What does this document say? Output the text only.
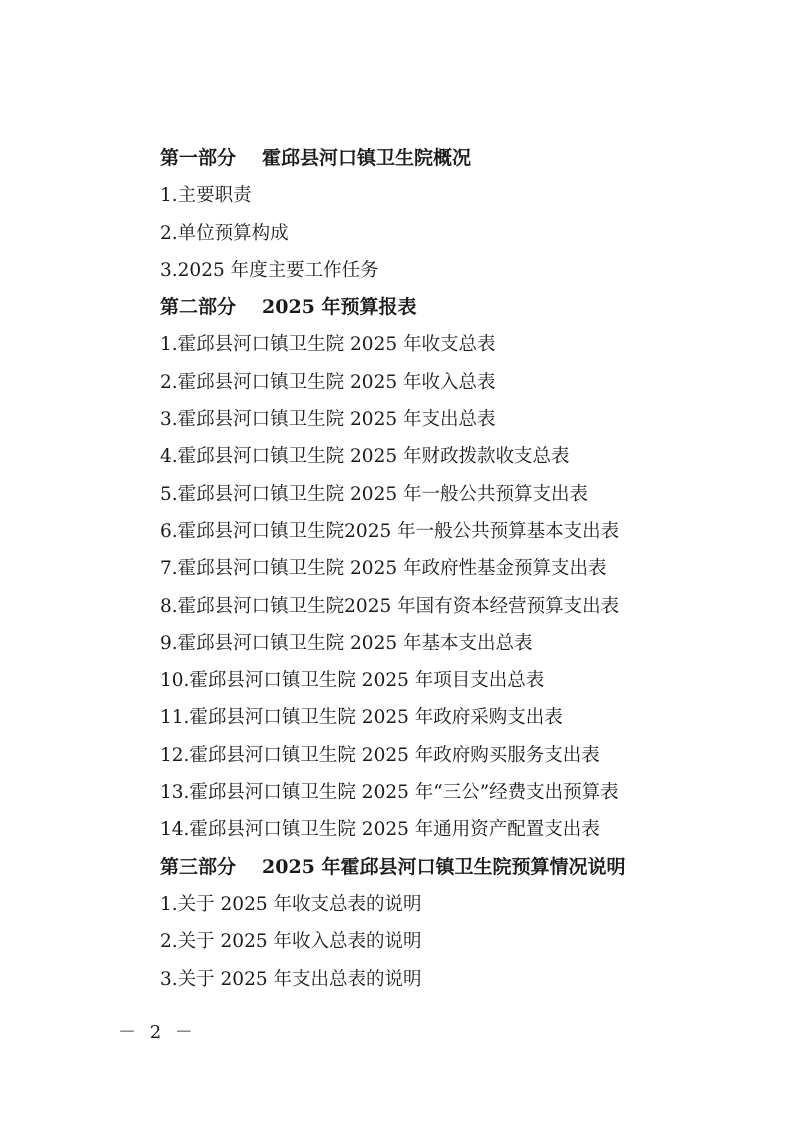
第一部分 霍邱县河口镇卫生院概况
1.主要职责
2.单位预算构成
3.2025 年度主要工作任务
第二部分 2025 年预算报表
1.霍邱县河口镇卫生院 2025 年收支总表
2.霍邱县河口镇卫生院 2025 年收入总表
3.霍邱县河口镇卫生院 2025 年支出总表
4.霍邱县河口镇卫生院 2025 年财政拨款收支总表
5.霍邱县河口镇卫生院 2025 年一般公共预算支出表
6.霍邱县河口镇卫生院2025 年一般公共预算基本支出表
7.霍邱县河口镇卫生院 2025 年政府性基金预算支出表
8.霍邱县河口镇卫生院2025 年国有资本经营预算支出表
9.霍邱县河口镇卫生院 2025 年基本支出总表
10.霍邱县河口镇卫生院 2025 年项目支出总表
11.霍邱县河口镇卫生院 2025 年政府采购支出表
12.霍邱县河口镇卫生院 2025 年政府购买服务支出表
13.霍邱县河口镇卫生院 2025 年“三公”经费支出预算表
14.霍邱县河口镇卫生院 2025 年通用资产配置支出表
第三部分 2025 年霍邱县河口镇卫生院预算情况说明
1.关于 2025 年收支总表的说明
2.关于 2025 年收入总表的说明
3.关于 2025 年支出总表的说明
－ 2 －
